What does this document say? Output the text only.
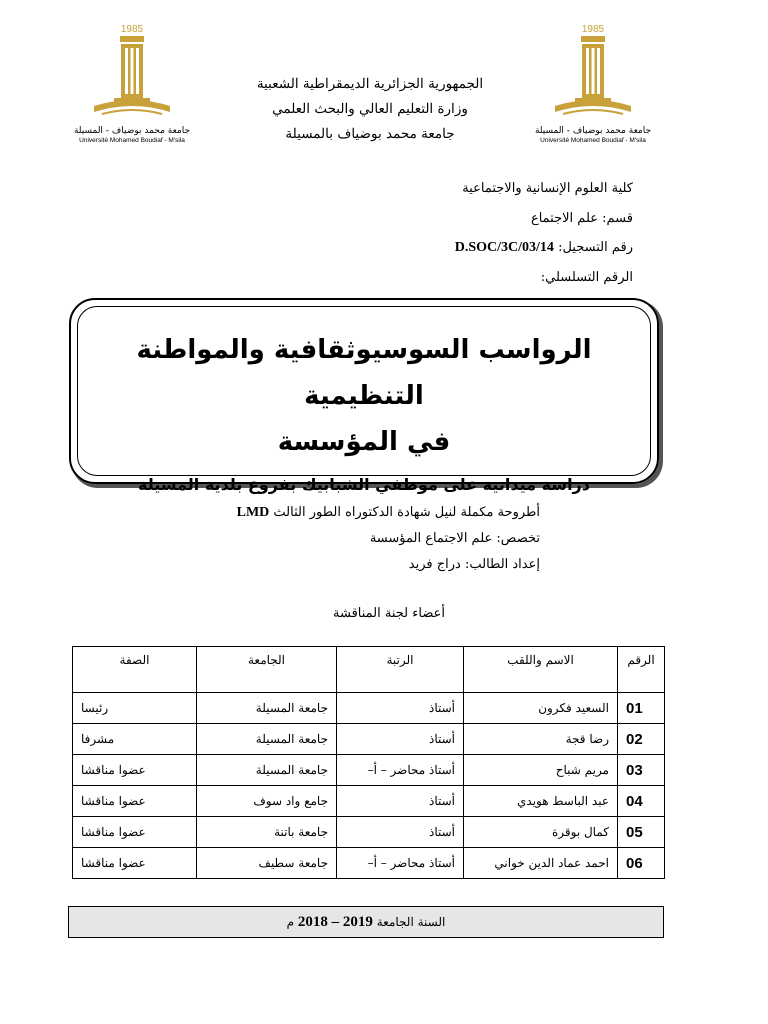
1985
جامعة محمد بوضياف - المسيلة
Université Mohamed Boudiaf - M'sila
1985
جامعة محمد بوضياف - المسيلة
Université Mohamed Boudiaf - M'sila
الجمهورية الجزائرية الديمقراطية الشعبية
وزارة التعليم العالي والبحث العلمي
جامعة محمد بوضياف بالمسيلة
كلية العلوم الإنسانية والاجتماعية
قسم: علم الاجتماع
رقم التسجيل: D.SOC/3C/03/14
الرقم التسلسلي:
الرواسب السوسيوثقافية والمواطنة التنظيمية
في المؤسسة
دراسة ميدانية على موظفي الشبابيك بفروع بلدية المسيلة
أطروحة مكملة لنيل شهادة الدكتوراه الطور الثالث LMD
تخصص: علم الاجتماع المؤسسة
إعداد الطالب: دراج فريد
أعضاء لجنة المناقشة
الرقم	الاسم واللقب	الرتبة	الجامعة	الصفة
01	السعيد فكرون	أستاذ	جامعة المسيلة	رئيسا
02	رضا قجة	أستاذ	جامعة المسيلة	مشرفا
03	مريم شباح	أستاذ محاضر – أ–	جامعة المسيلة	عضوا مناقشا
04	عبد الباسط هويدي	أستاذ	جامع واد سوف	عضوا مناقشا
05	كمال بوقرة	أستاذ	جامعة باتنة	عضوا مناقشا
06	احمد عماد الدين خواني	أستاذ محاضر – أ–	جامعة سطيف	عضوا مناقشا
السنة الجامعة 2018 – 2019 م
